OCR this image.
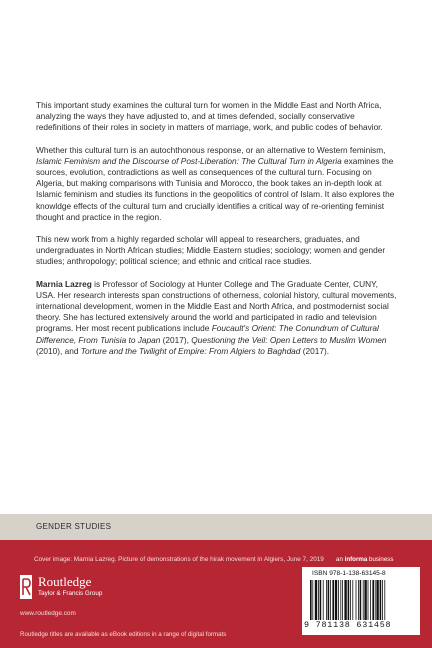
This important study examines the cultural turn for women in the Middle East and North Africa, analyzing the ways they have adjusted to, and at times defended, socially conservative redefinitions of their roles in society in matters of marriage, work, and public codes of behavior.

Whether this cultural turn is an autochthonous response, or an alternative to Western feminism, Islamic Feminism and the Discourse of Post-Liberation: The Cultural Turn in Algeria examines the sources, evolution, contradictions as well as consequences of the cultural turn. Focusing on Algeria, but making comparisons with Tunisia and Morocco, the book takes an in-depth look at Islamic feminism and studies its functions in the geopolitics of control of Islam. It also explores the knowldge effects of the cultural turn and crucially identifies a critical way of re-orienting feminist thought and practice in the region.

This new work from a highly regarded scholar will appeal to researchers, graduates, and undergraduates in North African studies; Middle Eastern studies; sociology; women and gender studies; anthropology; political science; and ethnic and critical race studies.

Marnia Lazreg is Professor of Sociology at Hunter College and The Graduate Center, CUNY, USA. Her research interests span constructions of otherness, colonial history, cultural movements, international development, women in the Middle East and North Africa, and postmodernist social theory. She has lectured extensively around the world and participated in radio and television programs. Her most recent publications include Foucault's Orient: The Conundrum of Cultural Difference, From Tunisia to Japan (2017), Questioning the Veil: Open Letters to Muslim Women (2010), and Torture and the Twilight of Empire: From Algiers to Baghdad (2017).

GENDER STUDIES
Cover image: Marnia Lazreg. Picture of demonstrations of the hirak movement in Algiers, June 7, 2019 an informa business
Routledge
Taylor & Francis Group
www.routledge.com
Routledge titles are available as eBook editions in a range of digital formats
ISBN 978-1-138-63145-8
9 781138 631458
